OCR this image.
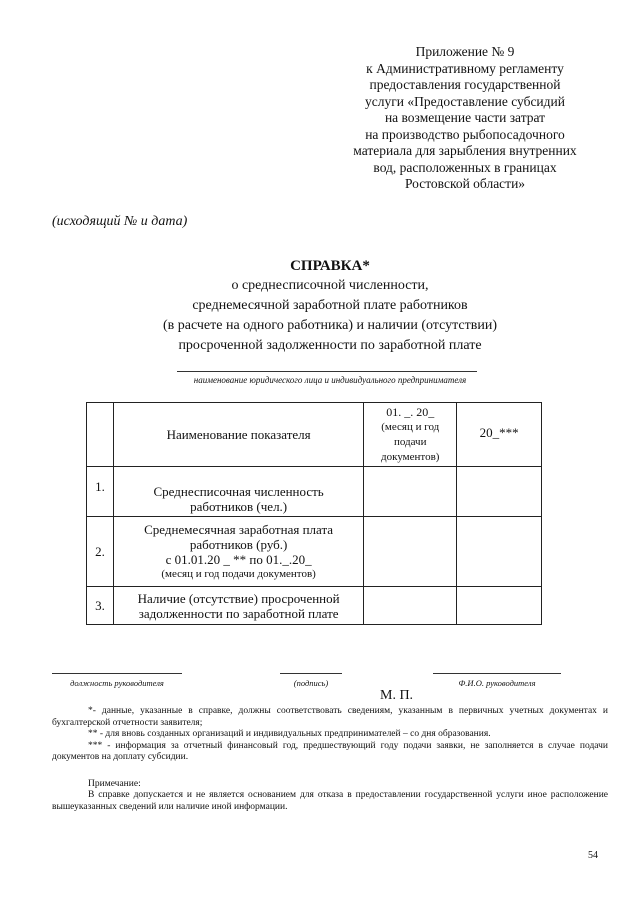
Приложение № 9
к Административному регламенту
предоставления государственной
услуги «Предоставление субсидий
на возмещение части затрат
на производство рыбопосадочного
материала для зарыбления внутренних
вод, расположенных в границах
Ростовской области»
(исходящий № и дата)
СПРАВКА*
о среднесписочной численности,
среднемесячной заработной плате работников
(в расчете на одного работника) и наличии (отсутствии)
просроченной задолженности по заработной плате
наименование юридического лица и индивидуального предпринимателя
	Наименование показателя	01. _. 20_
(месяц и год
подачи
документов)	20_***
1.	Среднесписочная численность
работников (чел.)		

2.	Среднемесячная заработная плата
работников (руб.)
с 01.01.20 _ ** по 01._.20_
(месяц и год подачи документов)		

3.	Наличие (отсутствие) просроченной
задолженности по заработной плате		

должность руководителя	(подпись)	Ф.И.О. руководителя
М. П.

*- данные, указанные в справке, должны соответствовать сведениям, указанным в первичных учетных документах и бухгалтерской отчетности заявителя;

** - для вновь созданных организаций и индивидуальных предпринимателей – со дня образования.

*** - информация за отчетный финансовый год, предшествующий году подачи заявки, не заполняется в случае подачи документов на доплату субсидии.

Примечание:

В справке допускается и не является основанием для отказа в предоставлении государственной услуги иное расположение вышеуказанных сведений или наличие иной информации.

54
